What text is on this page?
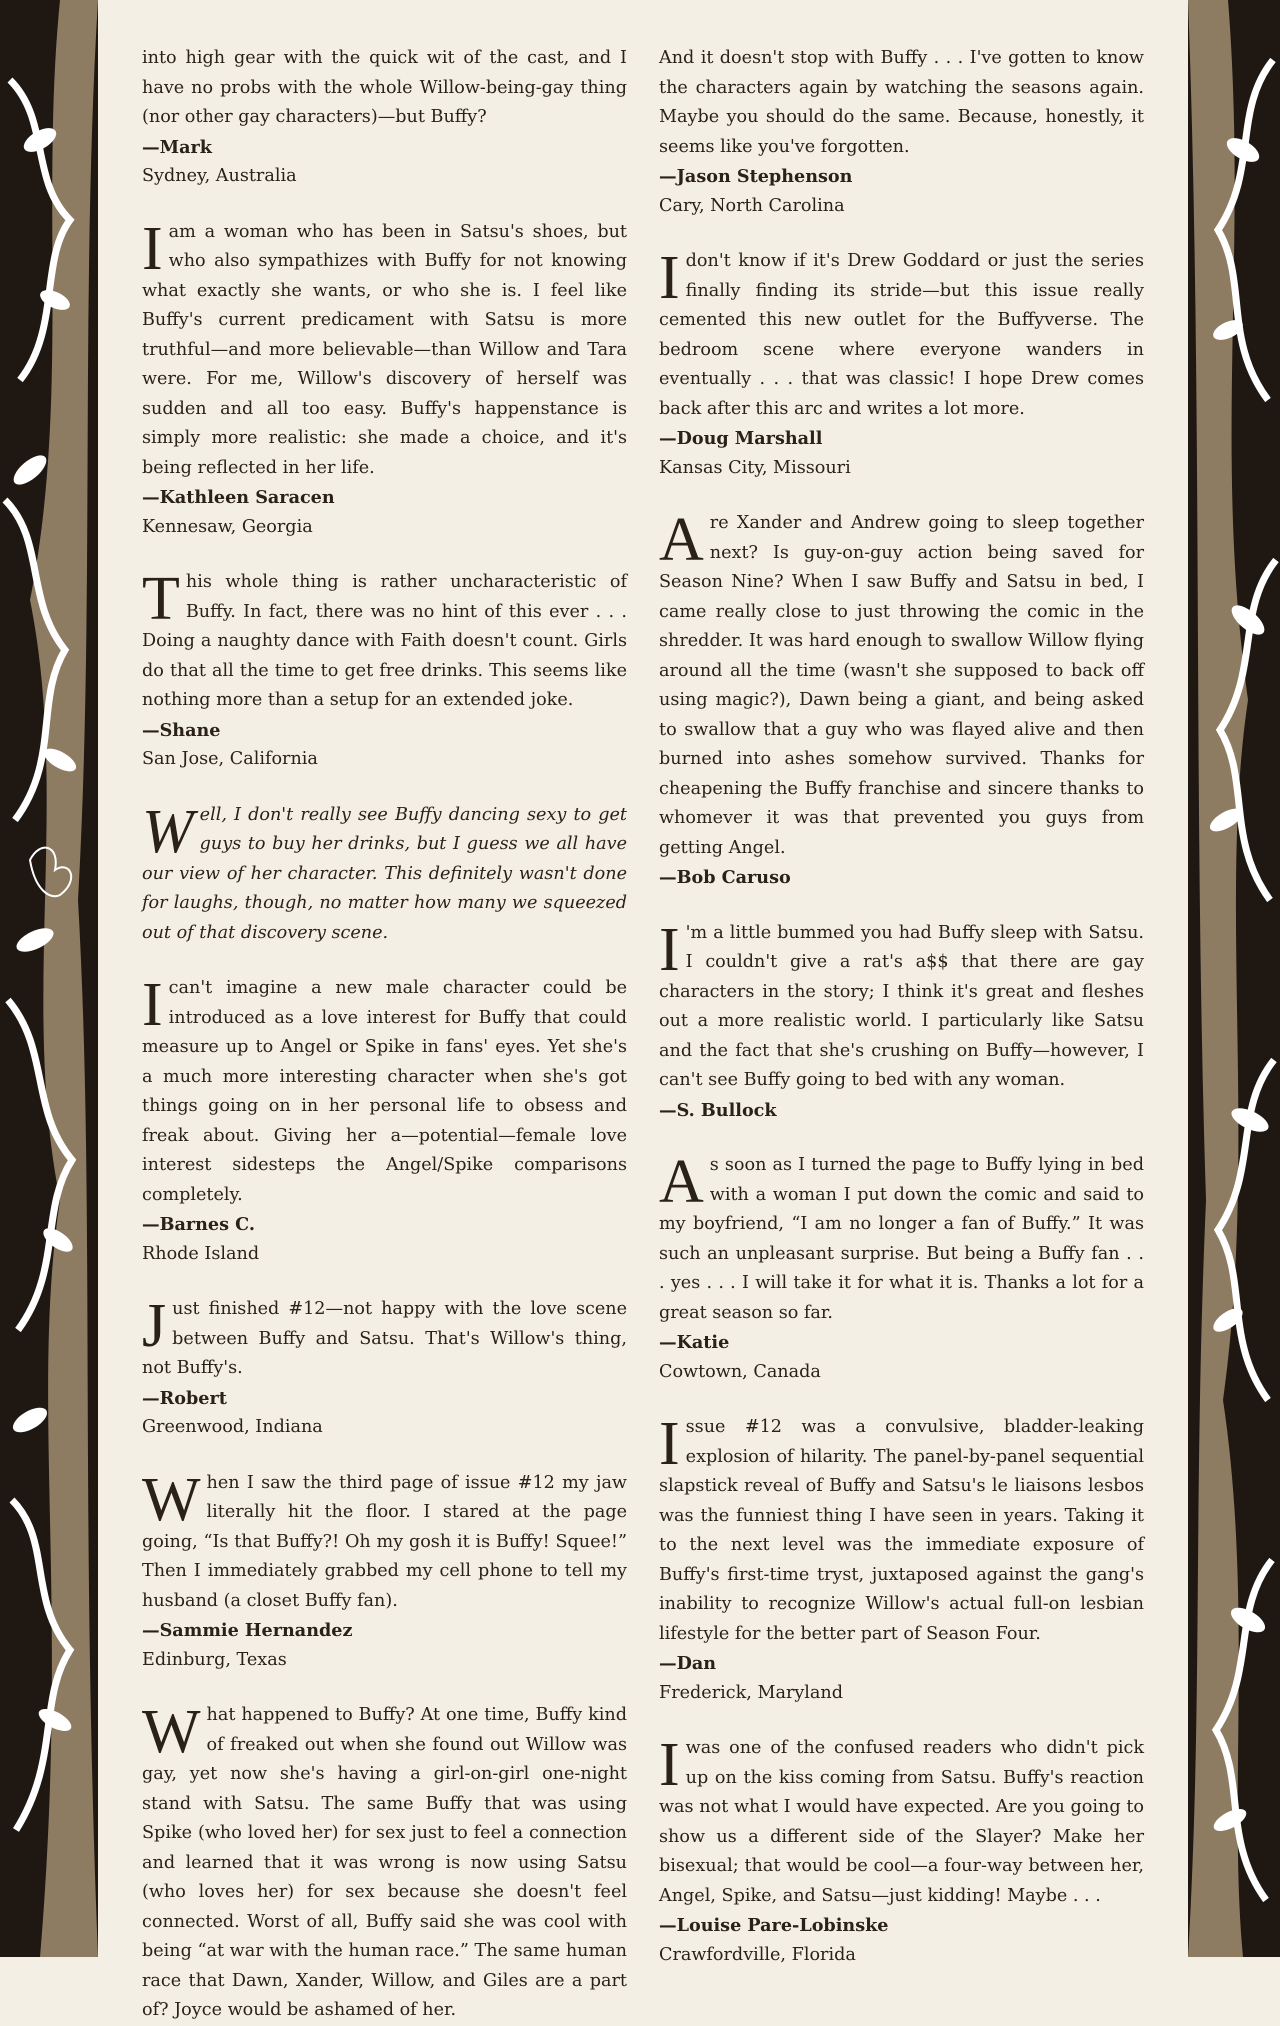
into high gear with the quick wit of the cast, and I have no probs with the whole Willow-being-gay thing (nor other gay characters)—but Buffy?

—Mark

Sydney, Australia

I am a woman who has been in Satsu's shoes, but who also sympathizes with Buffy for not knowing what exactly she wants, or who she is. I feel like Buffy's current predicament with Satsu is more truthful—and more believable—than Willow and Tara were. For me, Willow's discovery of herself was sudden and all too easy. Buffy's happenstance is simply more realistic: she made a choice, and it's being reflected in her life.

—Kathleen Saracen

Kennesaw, Georgia

This whole thing is rather uncharacteristic of Buffy. In fact, there was no hint of this ever . . . Doing a naughty dance with Faith doesn't count. Girls do that all the time to get free drinks. This seems like nothing more than a setup for an extended joke.

—Shane

San Jose, California

Well, I don't really see Buffy dancing sexy to get guys to buy her drinks, but I guess we all have our view of her character. This definitely wasn't done for laughs, though, no matter how many we squeezed out of that discovery scene.

I can't imagine a new male character could be introduced as a love interest for Buffy that could measure up to Angel or Spike in fans' eyes. Yet she's a much more interesting character when she's got things going on in her personal life to obsess and freak about. Giving her a—potential—female love interest sidesteps the Angel/Spike comparisons completely.

—Barnes C.

Rhode Island

Just finished #12—not happy with the love scene between Buffy and Satsu. That's Willow's thing, not Buffy's.

—Robert

Greenwood, Indiana

When I saw the third page of issue #12 my jaw literally hit the floor. I stared at the page going, “Is that Buffy?! Oh my gosh it is Buffy! Squee!” Then I immediately grabbed my cell phone to tell my husband (a closet Buffy fan).

—Sammie Hernandez

Edinburg, Texas

What happened to Buffy? At one time, Buffy kind of freaked out when she found out Willow was gay, yet now she's having a girl-on-girl one-night stand with Satsu. The same Buffy that was using Spike (who loved her) for sex just to feel a connection and learned that it was wrong is now using Satsu (who loves her) for sex because she doesn't feel connected. Worst of all, Buffy said she was cool with being “at war with the human race.” The same human race that Dawn, Xander, Willow, and Giles are a part of? Joyce would be ashamed of her.

And it doesn't stop with Buffy . . . I've gotten to know the characters again by watching the seasons again. Maybe you should do the same. Because, honestly, it seems like you've forgotten.

—Jason Stephenson

Cary, North Carolina

I don't know if it's Drew Goddard or just the series finally finding its stride—but this issue really cemented this new outlet for the Buffyverse. The bedroom scene where everyone wanders in eventually . . . that was classic! I hope Drew comes back after this arc and writes a lot more.

—Doug Marshall

Kansas City, Missouri

Are Xander and Andrew going to sleep together next? Is guy-on-guy action being saved for Season Nine? When I saw Buffy and Satsu in bed, I came really close to just throwing the comic in the shredder. It was hard enough to swallow Willow flying around all the time (wasn't she supposed to back off using magic?), Dawn being a giant, and being asked to swallow that a guy who was flayed alive and then burned into ashes somehow survived. Thanks for cheapening the Buffy franchise and sincere thanks to whomever it was that prevented you guys from getting Angel.

—Bob Caruso

I 'm a little bummed you had Buffy sleep with Satsu. I couldn't give a rat's a$$ that there are gay characters in the story; I think it's great and fleshes out a more realistic world. I particularly like Satsu and the fact that she's crushing on Buffy—however, I can't see Buffy going to bed with any woman.

—S. Bullock

As soon as I turned the page to Buffy lying in bed with a woman I put down the comic and said to my boyfriend, “I am no longer a fan of Buffy.” It was such an unpleasant surprise. But being a Buffy fan . . . yes . . . I will take it for what it is. Thanks a lot for a great season so far.

—Katie

Cowtown, Canada

Issue #12 was a convulsive, bladder-leaking explosion of hilarity. The panel-by-panel sequential slapstick reveal of Buffy and Satsu's le liaisons lesbos was the funniest thing I have seen in years. Taking it to the next level was the immediate exposure of Buffy's first-time tryst, juxtaposed against the gang's inability to recognize Willow's actual full-on lesbian lifestyle for the better part of Season Four.

—Dan

Frederick, Maryland

I was one of the confused readers who didn't pick up on the kiss coming from Satsu. Buffy's reaction was not what I would have expected. Are you going to show us a different side of the Slayer? Make her bisexual; that would be cool—a four-way between her, Angel, Spike, and Satsu—just kidding! Maybe . . .

—Louise Pare-Lobinske

Crawfordville, Florida
